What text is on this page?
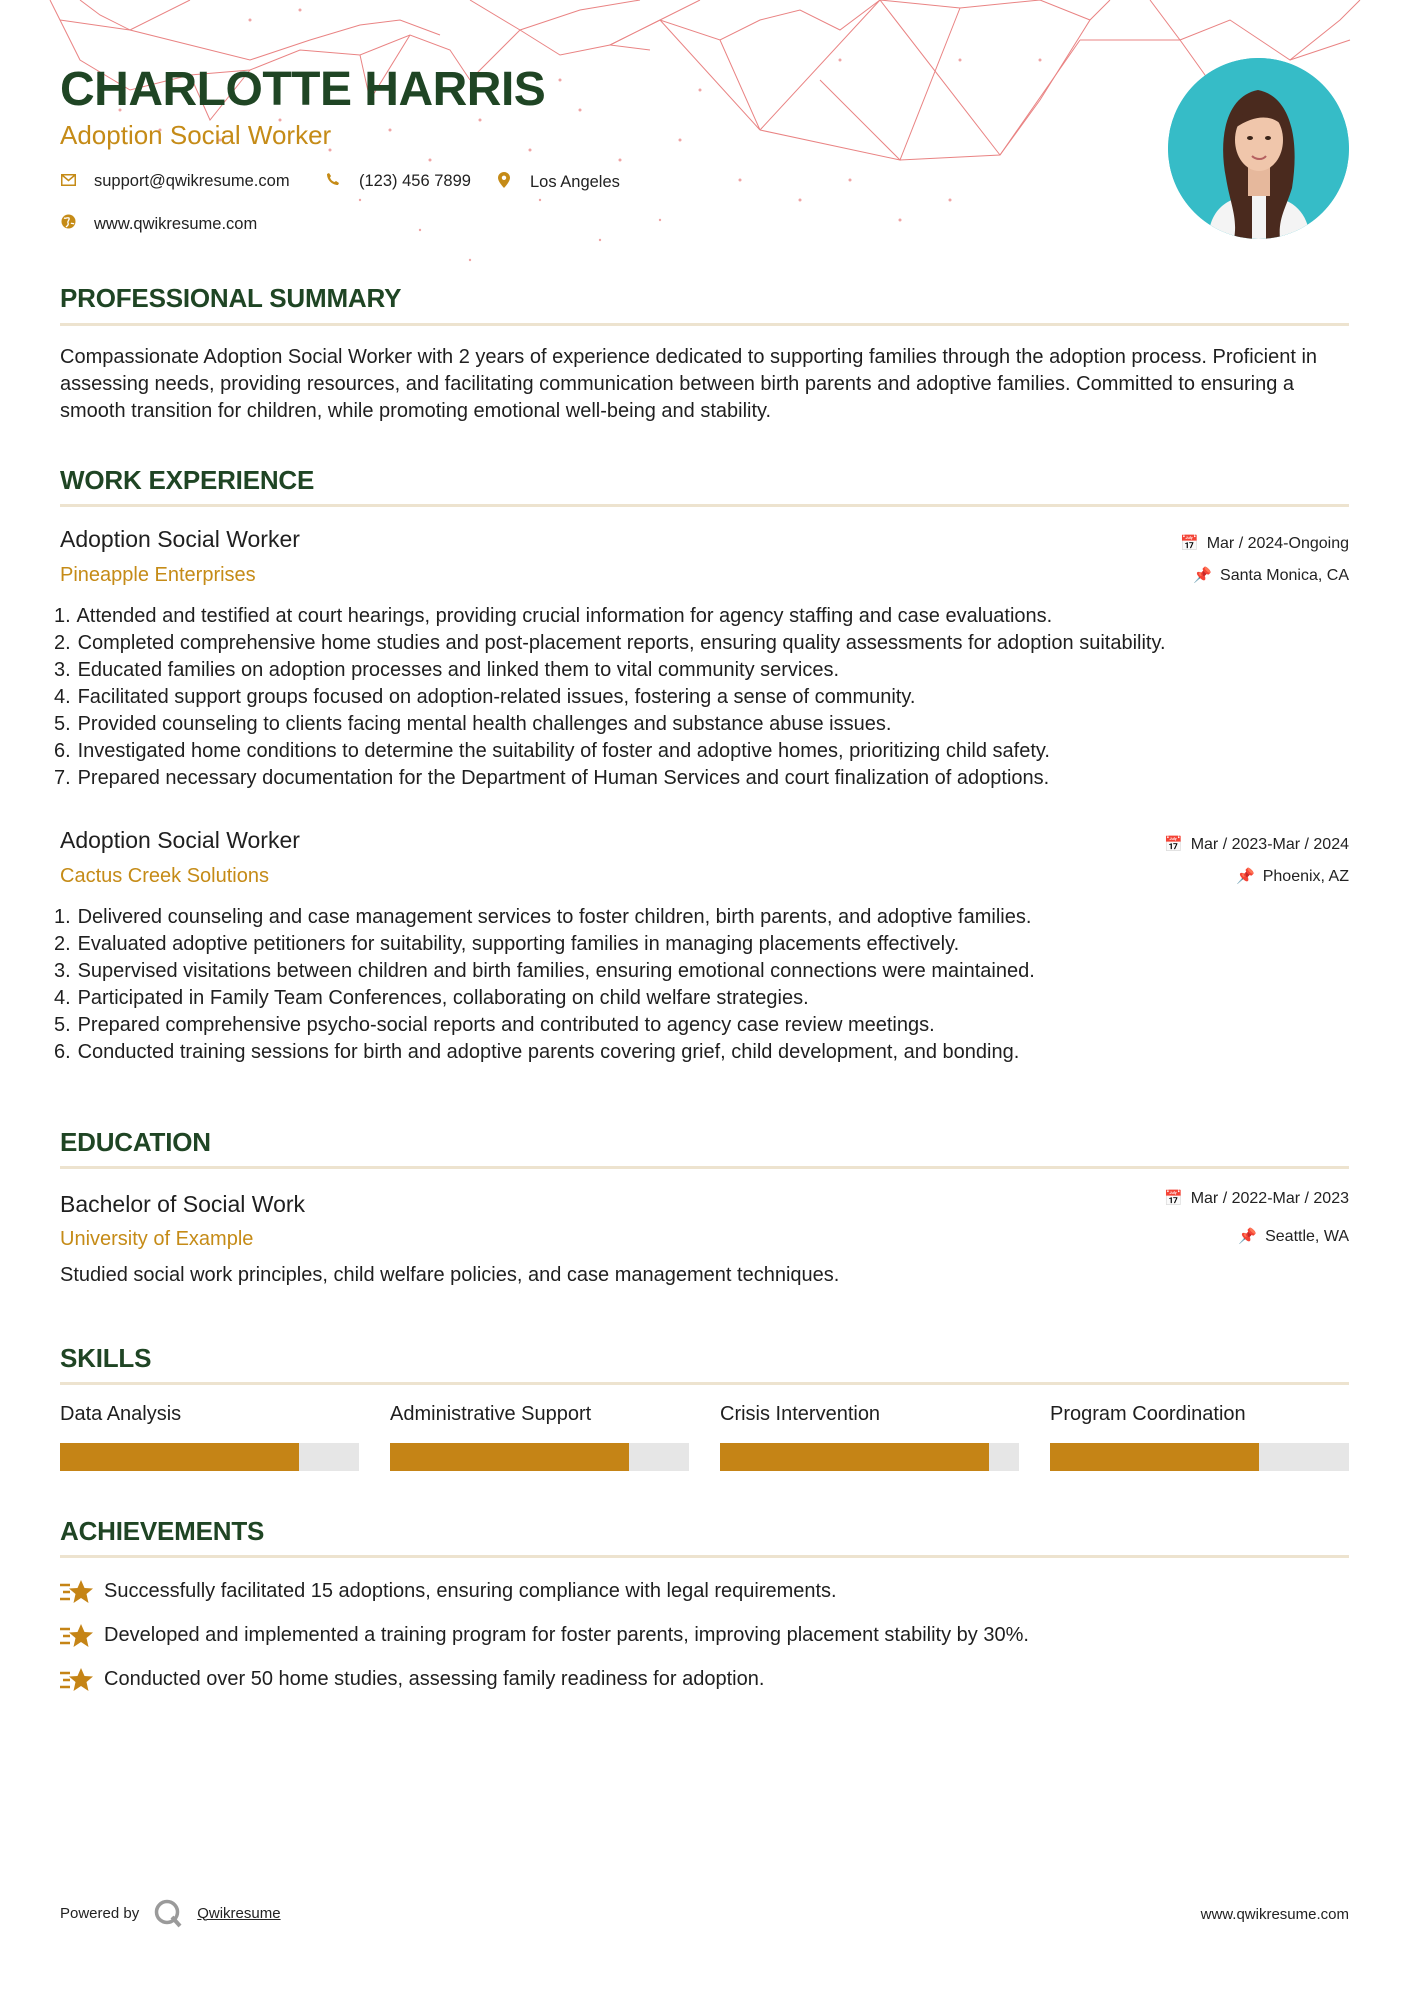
CHARLOTTE HARRIS
Adoption Social Worker
support@qwikresume.com	(123) 456 7899	Los Angeles
www.qwikresume.com
PROFESSIONAL SUMMARY
Compassionate Adoption Social Worker with 2 years of experience dedicated to supporting families through the adoption process. Proficient in assessing needs, providing resources, and facilitating communication between birth parents and adoptive families. Committed to ensuring a smooth transition for children, while promoting emotional well-being and stability.
WORK EXPERIENCE
Adoption Social Worker
Pineapple Enterprises
📅 Mar / 2024-Ongoing
📌 Santa Monica, CA
1. Attended and testified at court hearings, providing crucial information for agency staffing and case evaluations.
2. Completed comprehensive home studies and post-placement reports, ensuring quality assessments for adoption suitability.
3. Educated families on adoption processes and linked them to vital community services.
4. Facilitated support groups focused on adoption-related issues, fostering a sense of community.
5. Provided counseling to clients facing mental health challenges and substance abuse issues.
6. Investigated home conditions to determine the suitability of foster and adoptive homes, prioritizing child safety.
7. Prepared necessary documentation for the Department of Human Services and court finalization of adoptions.
Adoption Social Worker
Cactus Creek Solutions
📅 Mar / 2023-Mar / 2024
📌 Phoenix, AZ
1. Delivered counseling and case management services to foster children, birth parents, and adoptive families.
2. Evaluated adoptive petitioners for suitability, supporting families in managing placements effectively.
3. Supervised visitations between children and birth families, ensuring emotional connections were maintained.
4. Participated in Family Team Conferences, collaborating on child welfare strategies.
5. Prepared comprehensive psycho-social reports and contributed to agency case review meetings.
6. Conducted training sessions for birth and adoptive parents covering grief, child development, and bonding.
EDUCATION
Bachelor of Social Work
University of Example
📅 Mar / 2022-Mar / 2023
📌 Seattle, WA
Studied social work principles, child welfare policies, and case management techniques.
SKILLS
Data Analysis	Administrative Support	Crisis Intervention	Program Coordination
ACHIEVEMENTS
Successfully facilitated 15 adoptions, ensuring compliance with legal requirements.
Developed and implemented a training program for foster parents, improving placement stability by 30%.
Conducted over 50 home studies, assessing family readiness for adoption.
Powered by	Qwikresume	www.qwikresume.com
